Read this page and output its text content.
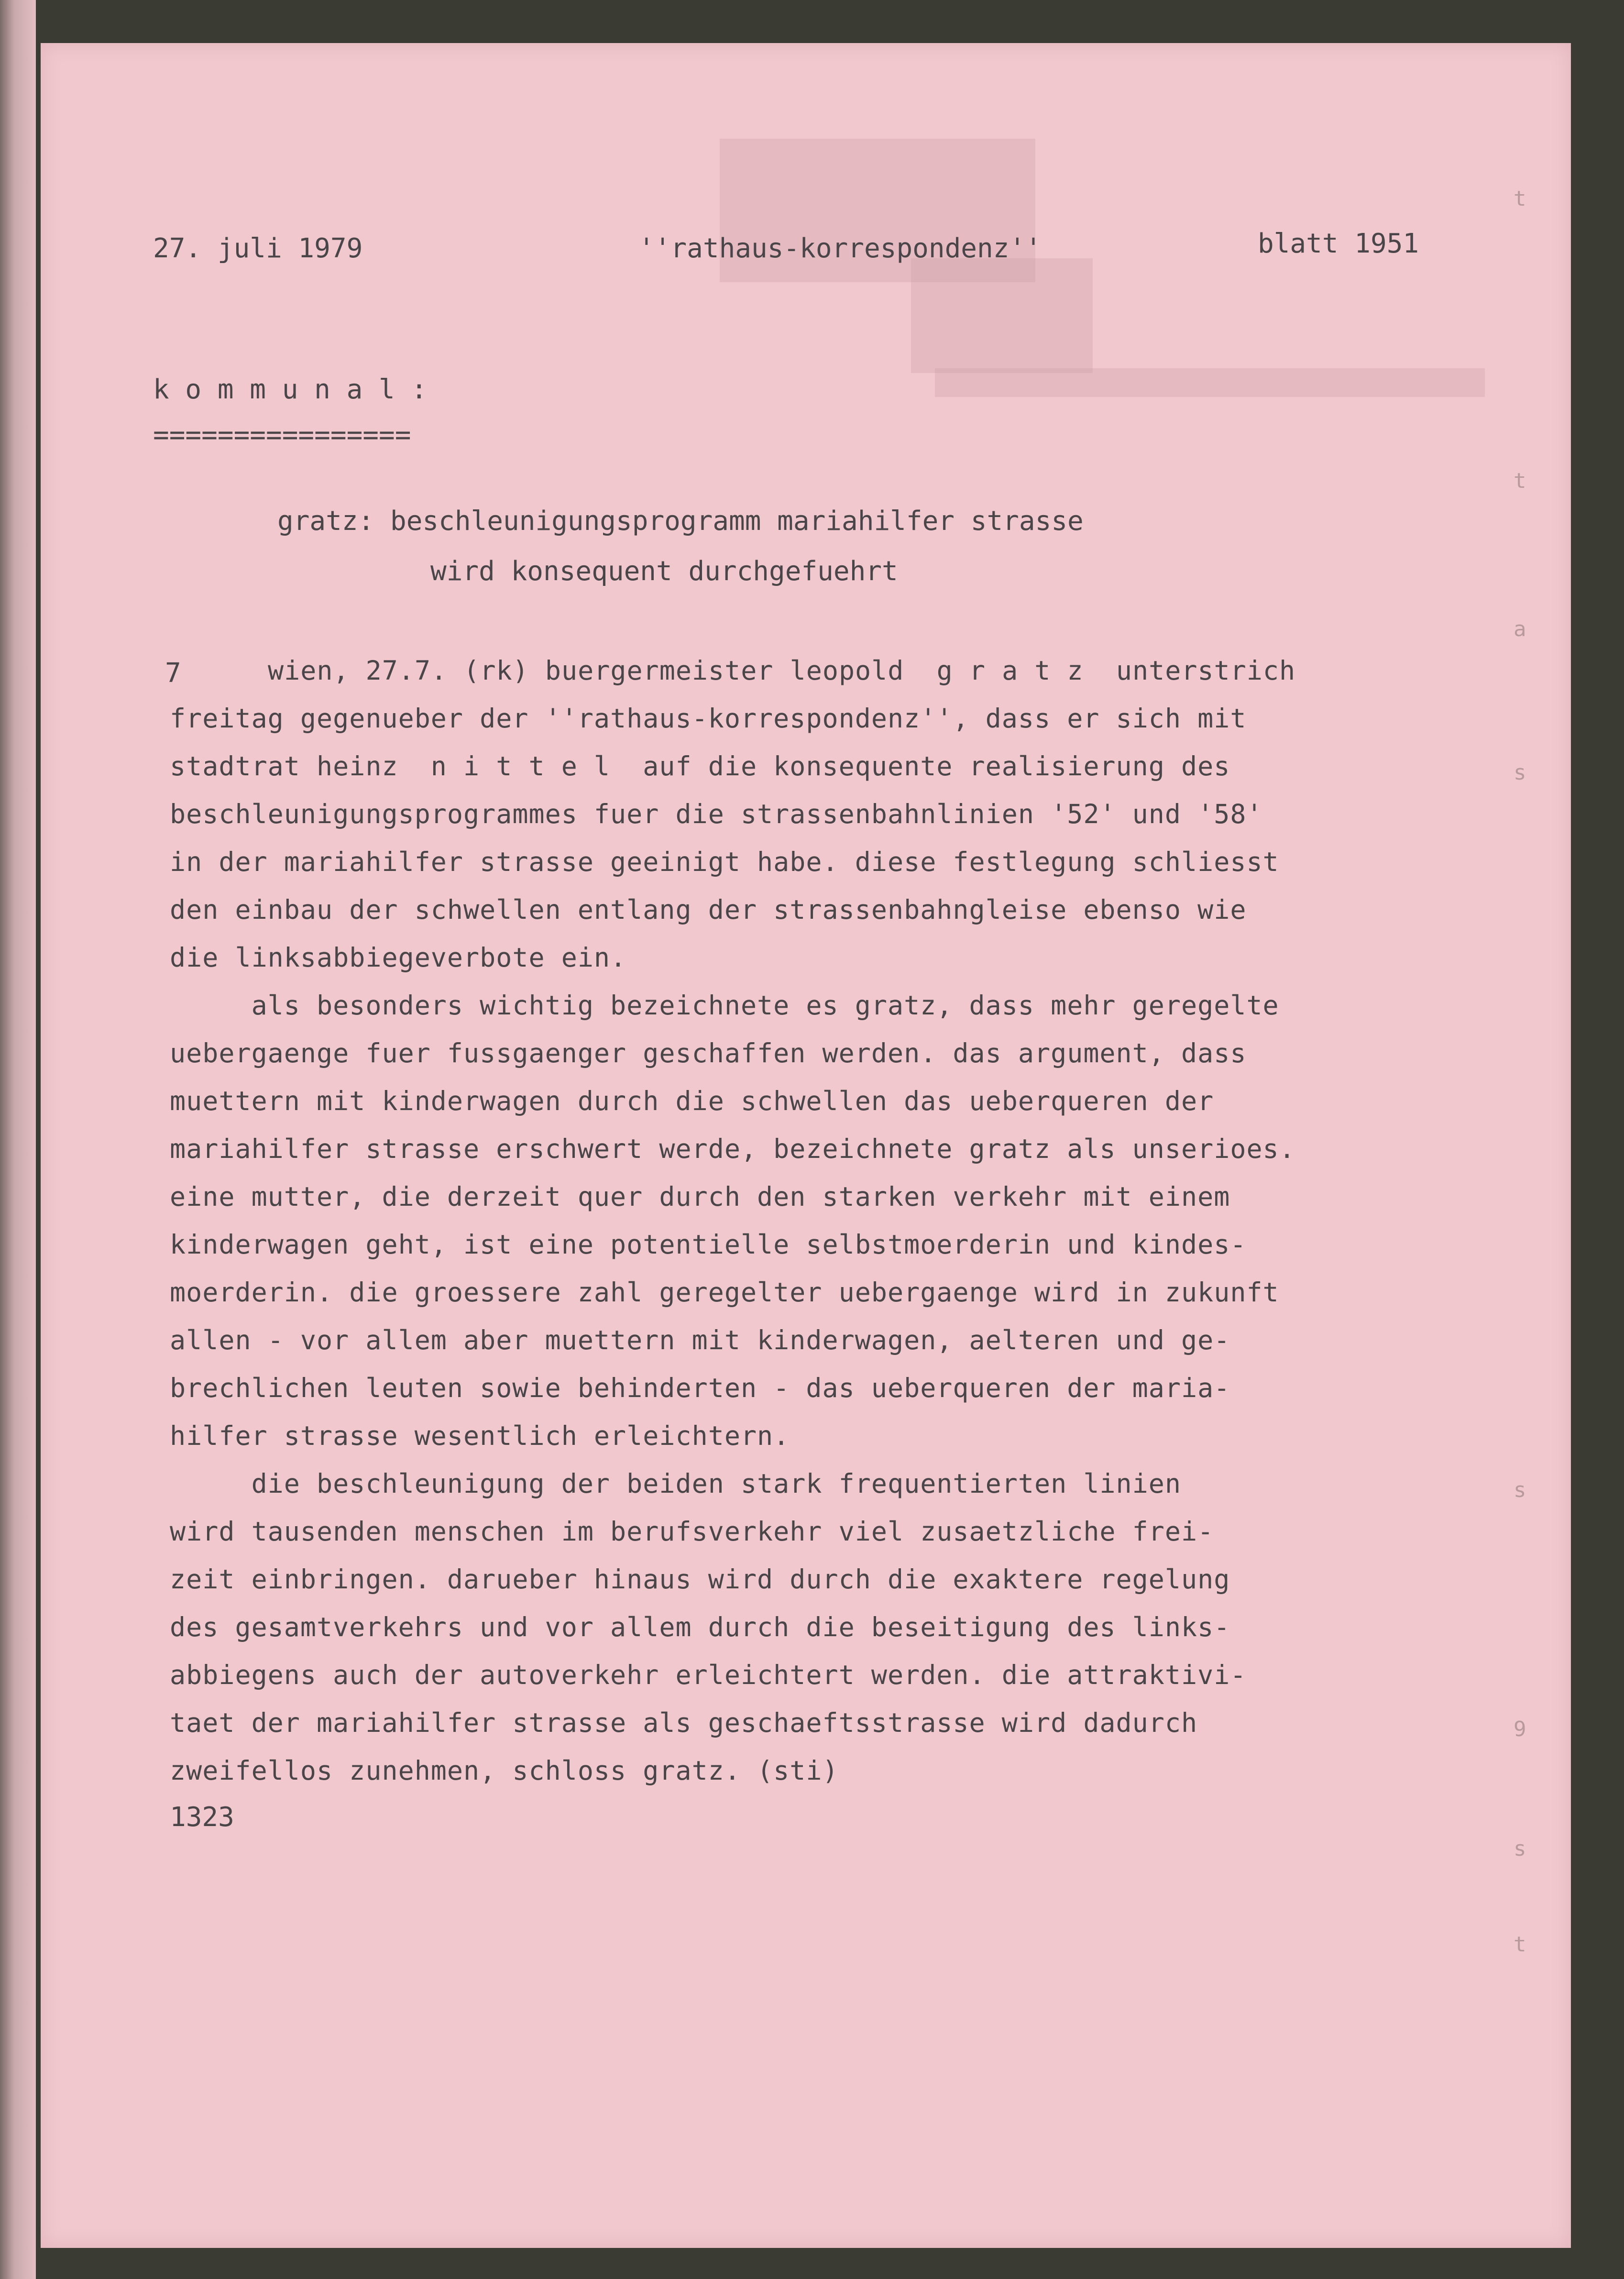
t
t
a
s
s
9
s
t
27. juli 1979	''rathaus-korrespondenz''	blatt 1951
k o m m u n a l :
================
gratz: beschleunigungsprogramm mariahilfer strasse
wird konsequent durchgefuehrt
7	wien, 27.7. (rk) buergermeister leopold  g r a t z  unterstrich
freitag gegenueber der ''rathaus-korrespondenz'', dass er sich mit
stadtrat heinz  n i t t e l  auf die konsequente realisierung des
beschleunigungsprogrammes fuer die strassenbahnlinien '52' und '58'
in der mariahilfer strasse geeinigt habe. diese festlegung schliesst
den einbau der schwellen entlang der strassenbahngleise ebenso wie
die linksabbiegeverbote ein.
als besonders wichtig bezeichnete es gratz, dass mehr geregelte
uebergaenge fuer fussgaenger geschaffen werden. das argument, dass
muettern mit kinderwagen durch die schwellen das ueberqueren der
mariahilfer strasse erschwert werde, bezeichnete gratz als unserioes.
eine mutter, die derzeit quer durch den starken verkehr mit einem
kinderwagen geht, ist eine potentielle selbstmoerderin und kindes-
moerderin. die groessere zahl geregelter uebergaenge wird in zukunft
allen - vor allem aber muettern mit kinderwagen, aelteren und ge-
brechlichen leuten sowie behinderten - das ueberqueren der maria-
hilfer strasse wesentlich erleichtern.
die beschleunigung der beiden stark frequentierten linien
wird tausenden menschen im berufsverkehr viel zusaetzliche frei-
zeit einbringen. darueber hinaus wird durch die exaktere regelung
des gesamtverkehrs und vor allem durch die beseitigung des links-
abbiegens auch der autoverkehr erleichtert werden. die attraktivi-
taet der mariahilfer strasse als geschaeftsstrasse wird dadurch
zweifellos zunehmen, schloss gratz. (sti)
1323
